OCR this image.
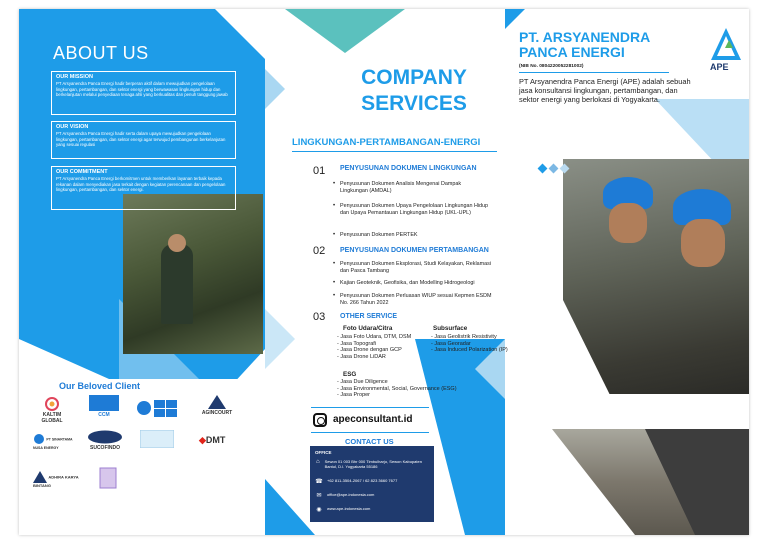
ABOUT US
OUR MISSION

PT Arsyanendra Panca Energi hadir berperan aktif dalam mewujudkan pengelolaan lingkungan, pertambangan, dan sektor energi yang berwawasan lingkungan hidup dan berkelanjutan melalui penyediaan tenaga ahli yang berkualitas dan penuh tanggung jawab

OUR VISION

PT Arsyanendra Panca Energi hadir serta dalam upaya mewujudkan pengelolaan lingkungan, pertambangan, dan sektor energi agar terwujud pembangunan berkelanjutan yang sesuai regulasi

OUR COMMITMENT

PT Arsyanendra Panca Energi berkomitmen untuk memberikan layanan terbaik kepada rekanan dalam menyediakan jasa terkait dengan kegiatan perencanaan dan pengelolaan lingkungan, pertambangan, dan sektor energi.

Our Beloved Client
KALTIM GLOBAL
CCM	AGINCOURT
PT SINARTAMA NUSA ENERGY	SUCOFINDO
◆DMT
ADHIRA KARYA BINTANG
COMPANY
SERVICES
LINGKUNGAN-PERTAMBANGAN-ENERGI
01 PENYUSUNAN DOKUMEN LINGKUNGAN
• Penyusunan Dokumen Analisis Mengenai Dampak Lingkungan (AMDAL)
• Penyusunan Dokumen Upaya Pengelolaan Lingkungan Hidup dan Upaya Pemantauan Lingkungan Hidup (UKL-UPL)
• Penyusunan Dokumen PERTEK
02 PENYUSUNAN DOKUMEN PERTAMBANGAN
• Penyusunan Dokumen Eksplorasi, Studi Kelayakan, Reklamasi dan Pasca Tambang
• Kajian Geoteknik, Geofisika, dan Modelling Hidrogeologi
• Penyusunan Dokumen Perluasan WIUP sesuai Kepmen ESDM No. 266 Tahun 2022
03 OTHER SERVICE
Foto Udara/Citra
- Jasa Foto Udara, DTM, DSM
- Jasa Topografi
- Jasa Drone dengan GCP
- Jasa Drone LiDAR
Subsurface
- Jasa Geolistrik Resistivity
- Jasa Georadar
- Jasa Induced Polarization (IP)
ESG
- Jasa Due Diligence
- Jasa Environmental, Social, Governance (ESG)
- Jasa Proper
apeconsultant.id
CONTACT US
OFFICE
⌂ Sewon 01 003 Bhr 000 Timbulharjo, Sewon Kabupaten Bantul, D.I. Yogyakarta 55186
☎ +62 811-3504-2067 / 62 823 3660 7677
✉	office@ape-indonesia.com
◉	www.ape-indonesia.com
PT. ARSYANENDRA
PANCA ENERGI
(NIB No. 0804220052281002)
PT Arsyanendra Panca Energi (APE) adalah sebuah jasa konsultansi lingkungan, pertambangan, dan sektor energi yang berlokasi di Yogyakarta.
APE
